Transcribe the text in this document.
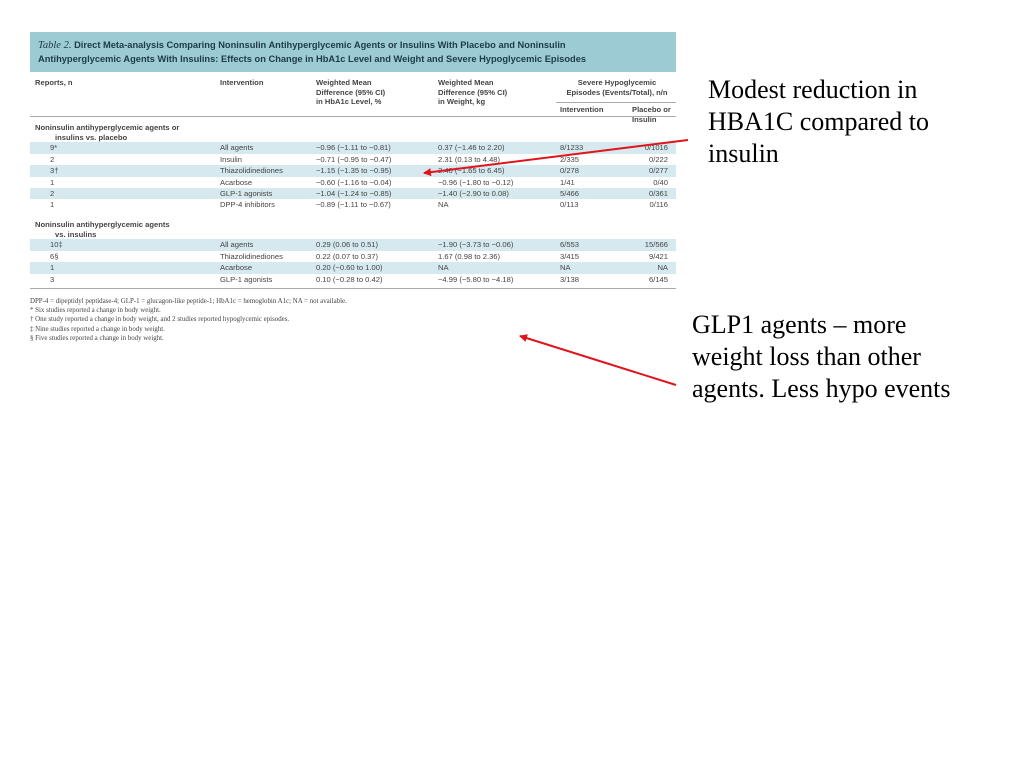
Table 2. Direct Meta-analysis Comparing Noninsulin Antihyperglycemic Agents or Insulins With Placebo and Noninsulin
Antihyperglycemic Agents With Insulins: Effects on Change in HbA1c Level and Weight and Severe Hypoglycemic Episodes
Reports, n	Intervention	Weighted Mean
Difference (95% CI)
in HbA1c Level, %
Weighted Mean
Difference (95% CI)
in Weight, kg
Severe Hypoglycemic
Episodes (Events/Total), n/n
Intervention	Placebo or
Insulin
Noninsulin antihyperglycemic agents or

insulins vs. placebo
9*	All agents	−0.96 (−1.11 to −0.81)	0.37 (−1.46 to 2.20)	8/1233	0/1016
2	Insulin	−0.71 (−0.95 to −0.47)	2.31 (0.13 to 4.48)	2/335	0/222
3†	Thiazolidinediones	−1.15 (−1.35 to −0.95)	2.40 (−1.65 to 6.45)	0/278	0/277
1	Acarbose	−0.60 (−1.16 to −0.04)	−0.96 (−1.80 to −0.12)	1/41	0/40
2	GLP-1 agonists	−1.04 (−1.24 to −0.85)	−1.40 (−2.90 to 0.08)	5/466	0/361
1	DPP-4 inhibitors	−0.89 (−1.11 to −0.67)	NA	0/113	0/116
Noninsulin antihyperglycemic agents

vs. insulins
10‡	All agents	0.29 (0.06 to 0.51)	−1.90 (−3.73 to −0.06)	6/553	15/566
6§	Thiazolidinediones	0.22 (0.07 to 0.37)	1.67 (0.98 to 2.36)	3/415	9/421
1	Acarbose	0.20 (−0.60 to 1.00)	NA	NA	NA
3	GLP-1 agonists	0.10 (−0.28 to 0.42)	−4.99 (−5.80 to −4.18)	3/138	6/145
DPP-4 = dipeptidyl peptidase-4; GLP-1 = glucagon-like peptide-1; HbA1c = hemoglobin A1c; NA = not available.
* Six studies reported a change in body weight.
† One study reported a change in body weight, and 2 studies reported hypoglycemic episodes.
‡ Nine studies reported a change in body weight.
§ Five studies reported a change in body weight.
Modest reduction in
HBA1C compared to
insulin
GLP1 agents – more
weight loss than other
agents. Less hypo events
